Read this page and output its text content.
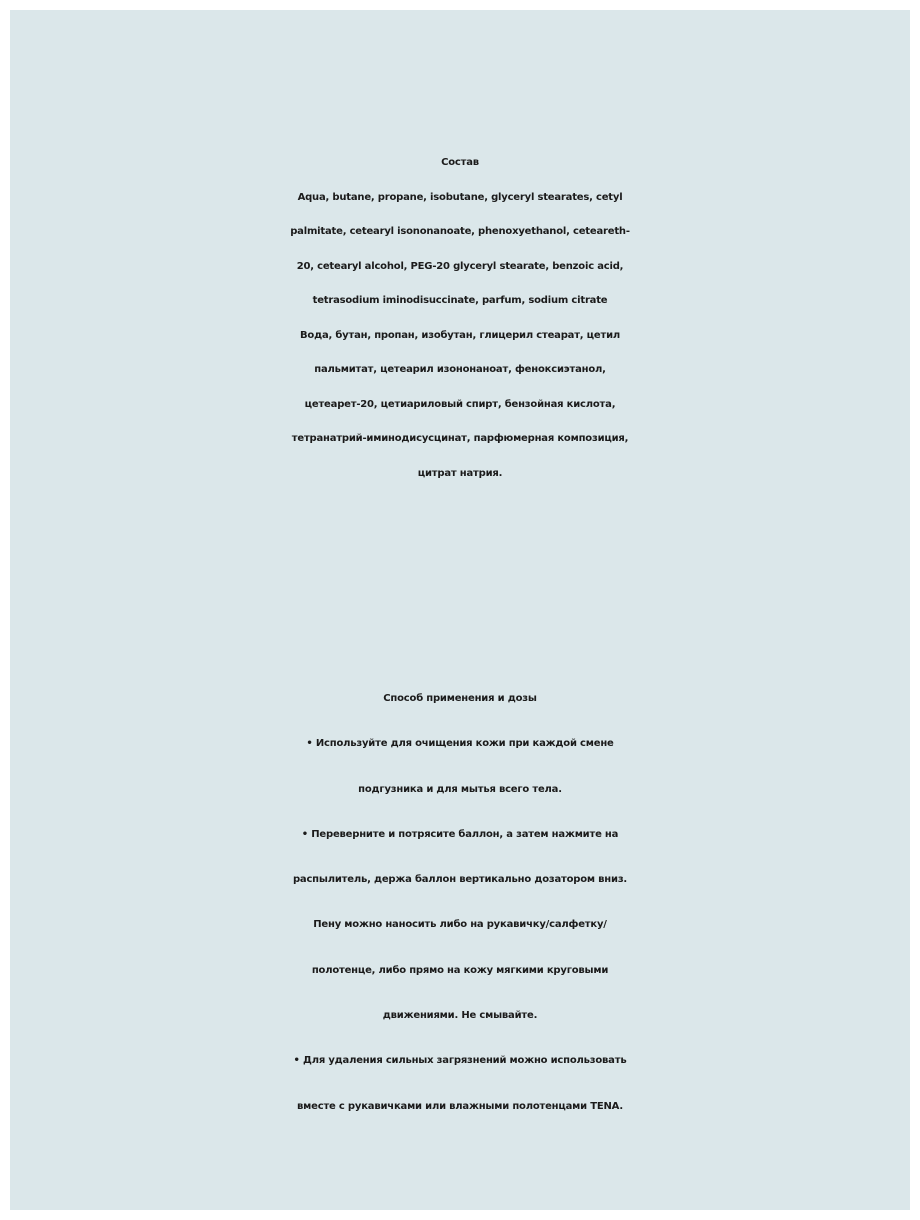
Состав
Aqua, butane, propane, isobutane, glyceryl stearates, cetyl
palmitate, cetearyl isononanoate, phenoxyethanol, ceteareth-
20, cetearyl alcohol, PEG-20 glyceryl stearate, benzoic acid,
tetrasodium iminodisuccinate, parfum, sodium citrate
Вода, бутан, пропан, изобутан, глицерил стеарат, цетил
пальмитат, цетеарил изононаноат, феноксиэтанол,
цетеарет-20, цетиариловый спирт, бензойная кислота,
тетранатрий-иминодисусцинат, парфюмерная композиция,
цитрат натрия.
Способ применения и дозы
• Используйте для очищения кожи при каждой смене
подгузника и для мытья всего тела.
• Переверните и потрясите баллон, а затем нажмите на
распылитель, держа баллон вертикально дозатором вниз.
Пену можно наносить либо на рукавичку/салфетку/
полотенце, либо прямо на кожу мягкими круговыми
движениями. Не смывайте.
• Для удаления сильных загрязнений можно использовать
вместе с рукавичками или влажными полотенцами TENA.
